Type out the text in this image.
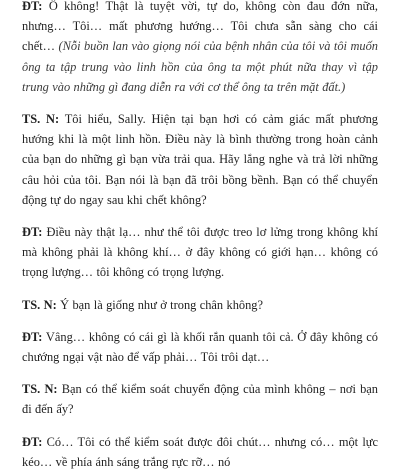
ĐT: Ồ không! Thật là tuyệt vời, tự do, không còn đau đớn nữa, nhưng… Tôi… mất phương hướng… Tôi chưa sẵn sàng cho cái chết… (Nỗi buồn lan vào giọng nói của bệnh nhân của tôi và tôi muốn ông ta tập trung vào linh hồn của ông ta một phút nữa thay vì tập trung vào những gì đang diễn ra với cơ thể ông ta trên mặt đất.)

TS. N: Tôi hiểu, Sally. Hiện tại bạn hơi có cảm giác mất phương hướng khi là một linh hồn. Điều này là bình thường trong hoàn cảnh của bạn do những gì bạn vừa trải qua. Hãy lắng nghe và trả lời những câu hỏi của tôi. Bạn nói là bạn đã trôi bồng bềnh. Bạn có thể chuyển động tự do ngay sau khi chết không?

ĐT: Điều này thật lạ… như thể tôi được treo lơ lửng trong không khí mà không phải là không khí… ở đây không có giới hạn… không có trọng lượng… tôi không có trọng lượng.

TS. N: Ý bạn là giống như ở trong chân không?

ĐT: Vâng… không có cái gì là khối rắn quanh tôi cả. Ở đây không có chướng ngại vật nào để vấp phải… Tôi trôi dạt…

TS. N: Bạn có thể kiểm soát chuyển động của mình không – nơi bạn đi đến ấy?

ĐT: Có… Tôi có thể kiểm soát được đôi chút… nhưng có… một lực kéo… về phía ánh sáng trắng rực rỡ… nó
